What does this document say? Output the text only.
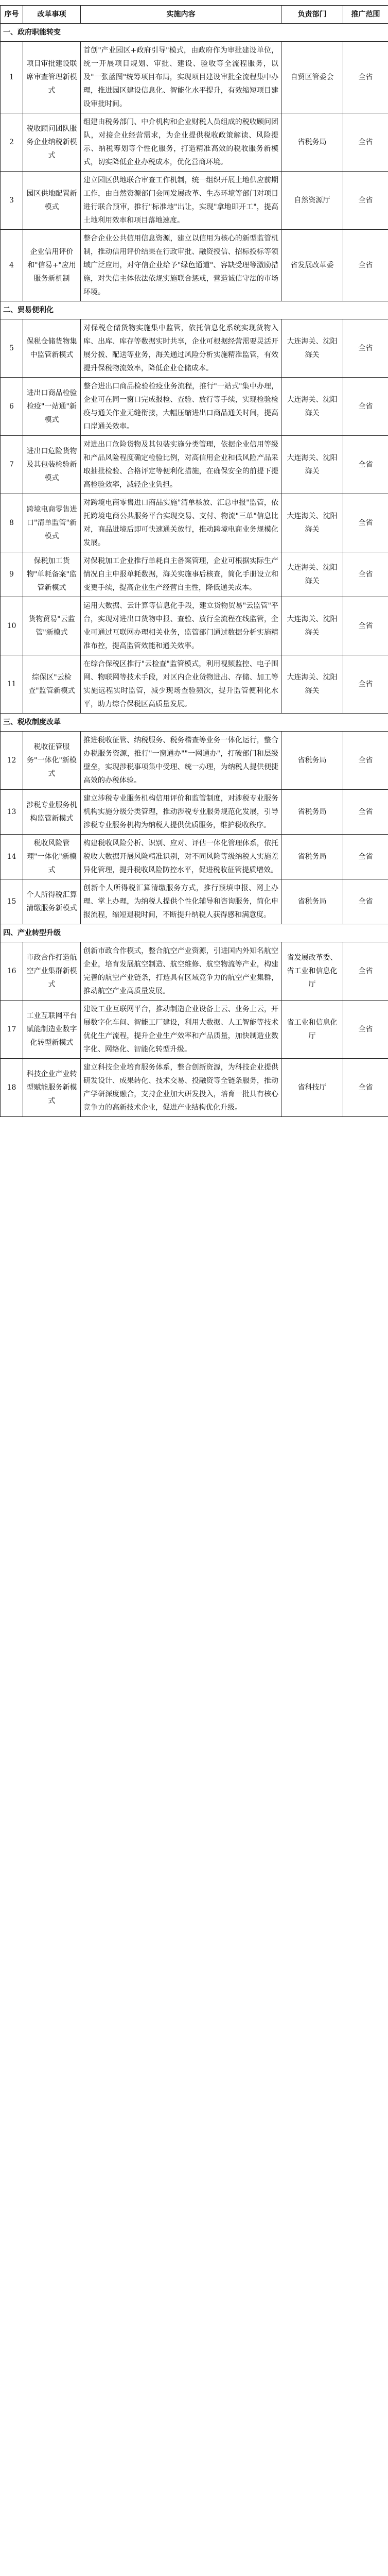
序号	改革事项	实施内容	负责部门	推广范围
一、政府职能转变				
1	项目审批建设联席审查管理新模式	首创"产业园区+政府引导"模式，由政府作为审批建设单位，统一开展项目规划、审批、建设、验收等全流程服务，以及"一张蓝图"统筹项目布局，实现项目建设审批全流程集中办理，推进园区建设信息化、智能化水平提升，有效缩短项目建设审批时间。	自贸区管委会	全省
2	税收顾问团队服务企业纳税新模式	组建由税务部门、中介机构和企业财税人员组成的税收顾问团队，对接企业经营需求，为企业提供税收政策解读、风险提示、纳税筹划等个性化服务，打造精准高效的税收服务新模式，切实降低企业办税成本，优化营商环境。	省税务局	全省
3	园区供地配置新模式	建立园区供地联合审查工作机制，统一组织开展土地供应前期工作，由自然资源部门会同发展改革、生态环境等部门对项目进行联合预审，推行"标准地"出让，实现"拿地即开工"，提高土地利用效率和项目落地速度。	自然资源厅	全省
4	企业信用评价和"信易+"应用服务新机制	整合企业公共信用信息资源，建立以信用为核心的新型监管机制，推动信用评价结果在行政审批、融资授信、招标投标等领域广泛应用，对守信企业给予"绿色通道"、容缺受理等激励措施，对失信主体依法依规实施联合惩戒，营造诚信守法的市场环境。	省发展改革委	全省
二、贸易便利化				
5	保税仓储货物集中监管新模式	对保税仓储货物实施集中监管，依托信息化系统实现货物入库、出库、库存等数据实时共享，企业可根据经营需要灵活开展分拨、配送等业务，海关通过风险分析实施精准监管，有效提升保税物流效率，降低企业仓储成本。	大连海关、沈阳海关	全省
6	进出口商品检验检疫"一站通"新模式	整合进出口商品检验检疫业务流程，推行"一站式"集中办理，企业可在同一窗口完成报检、查验、放行等手续，实现检验检疫与通关作业无缝衔接，大幅压缩进出口商品通关时间，提高口岸通关效率。	大连海关、沈阳海关	全省
7	进出口危险货物及其包装检验新模式	对进出口危险货物及其包装实施分类管理，依据企业信用等级和产品风险程度确定检验比例，对高信用企业和低风险产品采取抽批检验、合格评定等便利化措施，在确保安全的前提下提高检验效率，减轻企业负担。	大连海关、沈阳海关	全省
8	跨境电商零售进口"清单监管"新模式	对跨境电商零售进口商品实施"清单核放、汇总申报"监管，依托跨境电商公共服务平台实现交易、支付、物流"三单"信息比对，商品进境后即可快速通关放行，推动跨境电商业务规模化发展。	大连海关、沈阳海关	全省
9	保税加工货物"单耗备案"监管新模式	对保税加工企业推行单耗自主备案管理，企业可根据实际生产情况自主申报单耗数据，海关实施事后核查，简化手册设立和变更手续，提高企业生产经营自主性，降低通关成本。	大连海关、沈阳海关	全省
10	货物贸易"云监管"新模式	运用大数据、云计算等信息化手段，建立货物贸易"云监管"平台，实现对进出口货物申报、查验、放行全流程在线监管，企业可通过互联网办理相关业务，监管部门通过数据分析实施精准布控，提高监管效能和通关效率。	大连海关、沈阳海关	全省
11	综保区"云检查"监管新模式	在综合保税区推行"云检查"监管模式，利用视频监控、电子围网、物联网等技术手段，对区内企业货物进出、存储、加工等实施远程实时监管，减少现场查验频次，提升监管便利化水平，助力综合保税区高质量发展。	大连海关、沈阳海关	全省
三、税收制度改革				
12	税收征管服务"一体化"新模式	推进税收征管、纳税服务、税务稽查等业务一体化运行，整合办税服务资源，推行"一窗通办""一网通办"，打破部门和层级壁垒，实现涉税事项集中受理、统一办理，为纳税人提供便捷高效的办税体验。	省税务局	全省
13	涉税专业服务机构监管新模式	建立涉税专业服务机构信用评价和监管制度，对涉税专业服务机构实施分级分类管理，推动涉税专业服务规范化发展，引导涉税专业服务机构为纳税人提供优质服务，维护税收秩序。	省税务局	全省
14	税收风险管理"一体化"新模式	构建税收风险分析、识别、应对、评估一体化管理体系，依托税收大数据开展风险精准识别，对不同风险等级纳税人实施差异化管理，提升税收风险防控水平，促进税收征管提质增效。	省税务局	全省
15	个人所得税汇算清缴服务新模式	创新个人所得税汇算清缴服务方式，推行预填申报、网上办理、掌上办理，为纳税人提供个性化辅导和咨询服务，简化申报流程，缩短退税时间，不断提升纳税人获得感和满意度。	省税务局	全省
四、产业转型升级				
16	市政合作打造航空产业集群新模式	创新市政合作模式，整合航空产业资源，引进国内外知名航空企业，培育发展航空制造、航空维修、航空物流等产业，构建完善的航空产业链条，打造具有区域竞争力的航空产业集群，推动航空产业高质量发展。	省发展改革委、省工业和信息化厅	全省
17	工业互联网平台赋能制造业数字化转型新模式	建设工业互联网平台，推动制造企业设备上云、业务上云，开展数字化车间、智能工厂建设，利用大数据、人工智能等技术优化生产流程，提升企业生产效率和产品质量，加快制造业数字化、网络化、智能化转型升级。	省工业和信息化厅	全省
18	科技企业产业转型赋能服务新模式	建立科技企业培育服务体系，整合创新资源，为科技企业提供研发设计、成果转化、技术交易、投融资等全链条服务，推动产学研深度融合，支持企业加大研发投入，培育一批具有核心竞争力的高新技术企业，促进产业结构优化升级。	省科技厅	全省
